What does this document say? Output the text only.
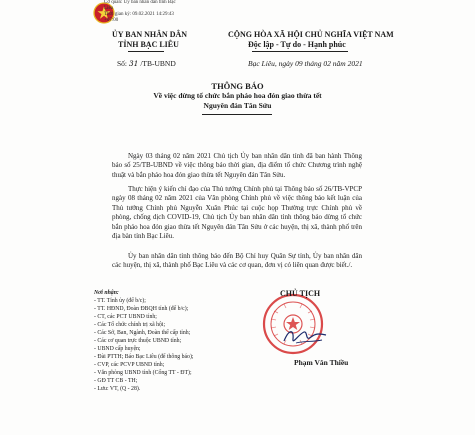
Cơ quan: Ủy ban nhân dân tỉnh Bạc
Liêu
Thời gian ký: 09.02.2021 14:29:43
+07:00
ỦY BAN NHÂN DÂN
TỈNH BẠC LIÊU
CỘNG HÒA XÃ HỘI CHỦ NGHĨA VIỆT NAM
Độc lập - Tự do - Hạnh phúc
Số: 31 /TB-UBND	Bạc Liêu, ngày 09 tháng 02 năm 2021
THÔNG BÁO
Về việc dừng tổ chức bắn pháo hoa đón giao thừa tết Nguyên đán Tân Sửu
Ngày 03 tháng 02 năm 2021 Chủ tịch Ủy ban nhân dân tỉnh đã ban hành Thông báo số 25/TB-UBND về việc thông báo thời gian, địa điểm tổ chức Chương trình nghệ thuật và bắn pháo hoa đón giao thừa tết Nguyên đán Tân Sửu.
Thực hiện ý kiến chỉ đạo của Thủ tướng Chính phủ tại Thông báo số 26/TB-VPCP ngày 08 tháng 02 năm 2021 của Văn phòng Chính phủ về việc thông báo kết luận của Thủ tướng Chính phủ Nguyễn Xuân Phúc tại cuộc họp Thường trực Chính phủ về phòng, chống dịch COVID-19, Chủ tịch Ủy ban nhân dân tỉnh thông báo dừng tổ chức bắn pháo hoa đón giao thừa tết Nguyên đán Tân Sửu ở các huyện, thị xã, thành phố trên địa bàn tỉnh Bạc Liêu.
Ủy ban nhân dân tỉnh thông báo đến Bộ Chỉ huy Quân Sự tỉnh, Ủy ban nhân dân các huyện, thị xã, thành phố Bạc Liêu và các cơ quan, đơn vị có liên quan được biết./.
Nơi nhận:
- TT. Tỉnh ủy (để b/c);
- TT. HĐND, Đoàn ĐBQH tỉnh (để b/c);
- CT, các PCT UBND tỉnh;
- Các Tổ chức chính trị xã hội;
- Các Sở, Ban, Ngành, Đoàn thể cấp tỉnh;
- Các cơ quan trực thuộc UBND tỉnh;
- UBND cấp huyện;
- Đài PTTH; Báo Bạc Liêu (để thông báo);
- CVP, các PCVP UBND tỉnh;
- Văn phòng UBND tỉnh (Cổng TT - ĐT);
- GĐ TT CB - TH;
- Lưu: VT, (Q - 28).
CHỦ TỊCH
Phạm Văn Thiều
